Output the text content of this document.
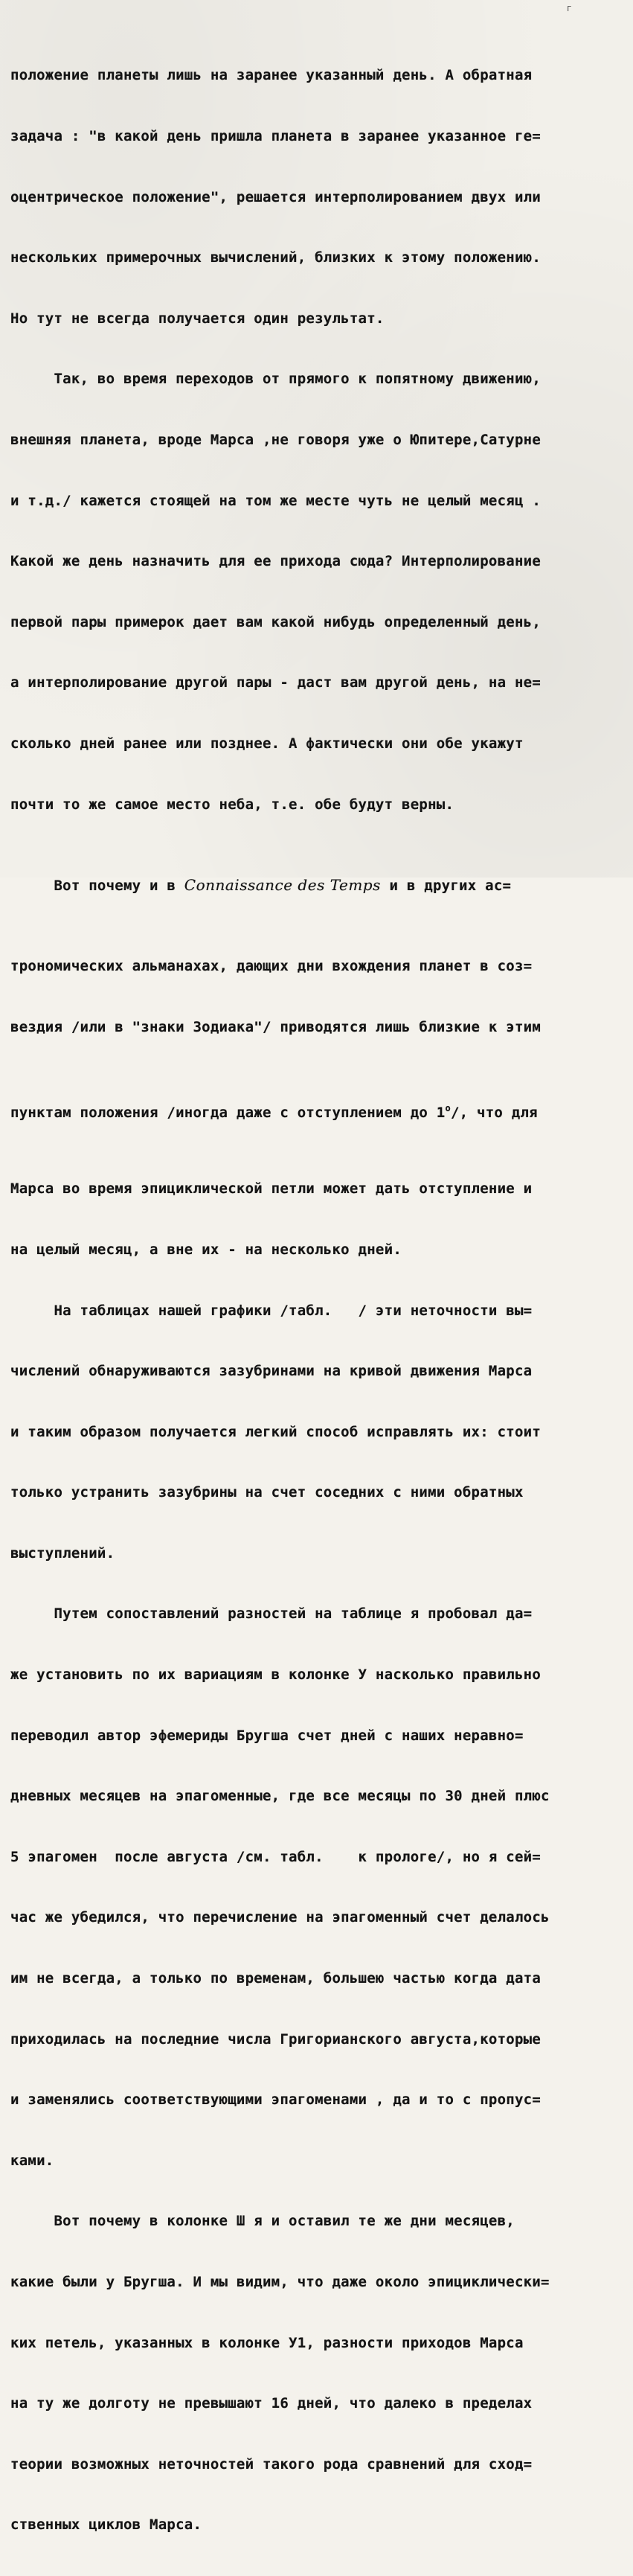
г

положение планеты лишь на заранее указанный день. А обратная

задача : "в какой день пришла планета в заранее указанное ге=

оцентрическое положение", решается интерполированием двух или

нескольких примерочных вычислений, близких к этому положению.

Но тут не всегда получается один результат.

Так, во время переходов от прямого к попятному движению,

внешняя планета, вроде Марса ,не говоря уже о Юпитере,Сатурне

и т.д./ кажется стоящей на том же месте чуть не целый месяц .

Какой же день назначить для ее прихода сюда? Интерполирование

первой пары примерок дает вам какой нибудь определенный день,

а интерполирование другой пары - даст вам другой день, на не=

сколько дней ранее или позднее. А фактически они обе укажут

почти то же самое место неба, т.е. обе будут верны.

Вот почему и в Connaissance des Temps и в других ас=

трономических альманахах, дающих дни вхождения планет в соз=

вездия /или в "знаки Зодиака"/ приводятся лишь близкие к этим

пунктам положения /иногда даже с отступлением до $1^о/$, что для

Марса во время эпициклической петли может дать отступление и

на целый месяц, а вне их - на несколько дней.

На таблицах нашей графики /табл.   / эти неточности вы=

числений обнаруживаются зазубринами на кривой движения Марса

и таким образом получается легкий способ исправлять их: стоит

только устранить зазубрины на счет соседних с ними обратных

выступлений.

Путем сопоставлений разностей на таблице я пробовал да=

же установить по их вариациям в колонке У насколько правильно

переводил автор эфемериды Бругша счет дней с наших неравно=

дневных месяцев на эпагоменные, где все месяцы по 30 дней плюс

5 эпагомен  после августа /см. табл.    к прологе/, но я сей=

час же убедился, что перечисление на эпагоменный счет делалось

им не всегда, а только по временам, большею частью когда дата

приходилась на последние числа Григорианского августа,которые

и заменялись соответствующими эпагоменами , да и то с пропус=

ками.

Вот почему в колонке Ш я и оставил те же дни месяцев,

какие были у Бругша. И мы видим, что даже около эпициклически=

ких петель, указанных в колонке У1, разности приходов Марса

на ту же долготу не превышают 16 дней, что далеко в пределах

теории возможных неточностей такого рода сравнений для сход=

ственных циклов Марса.
